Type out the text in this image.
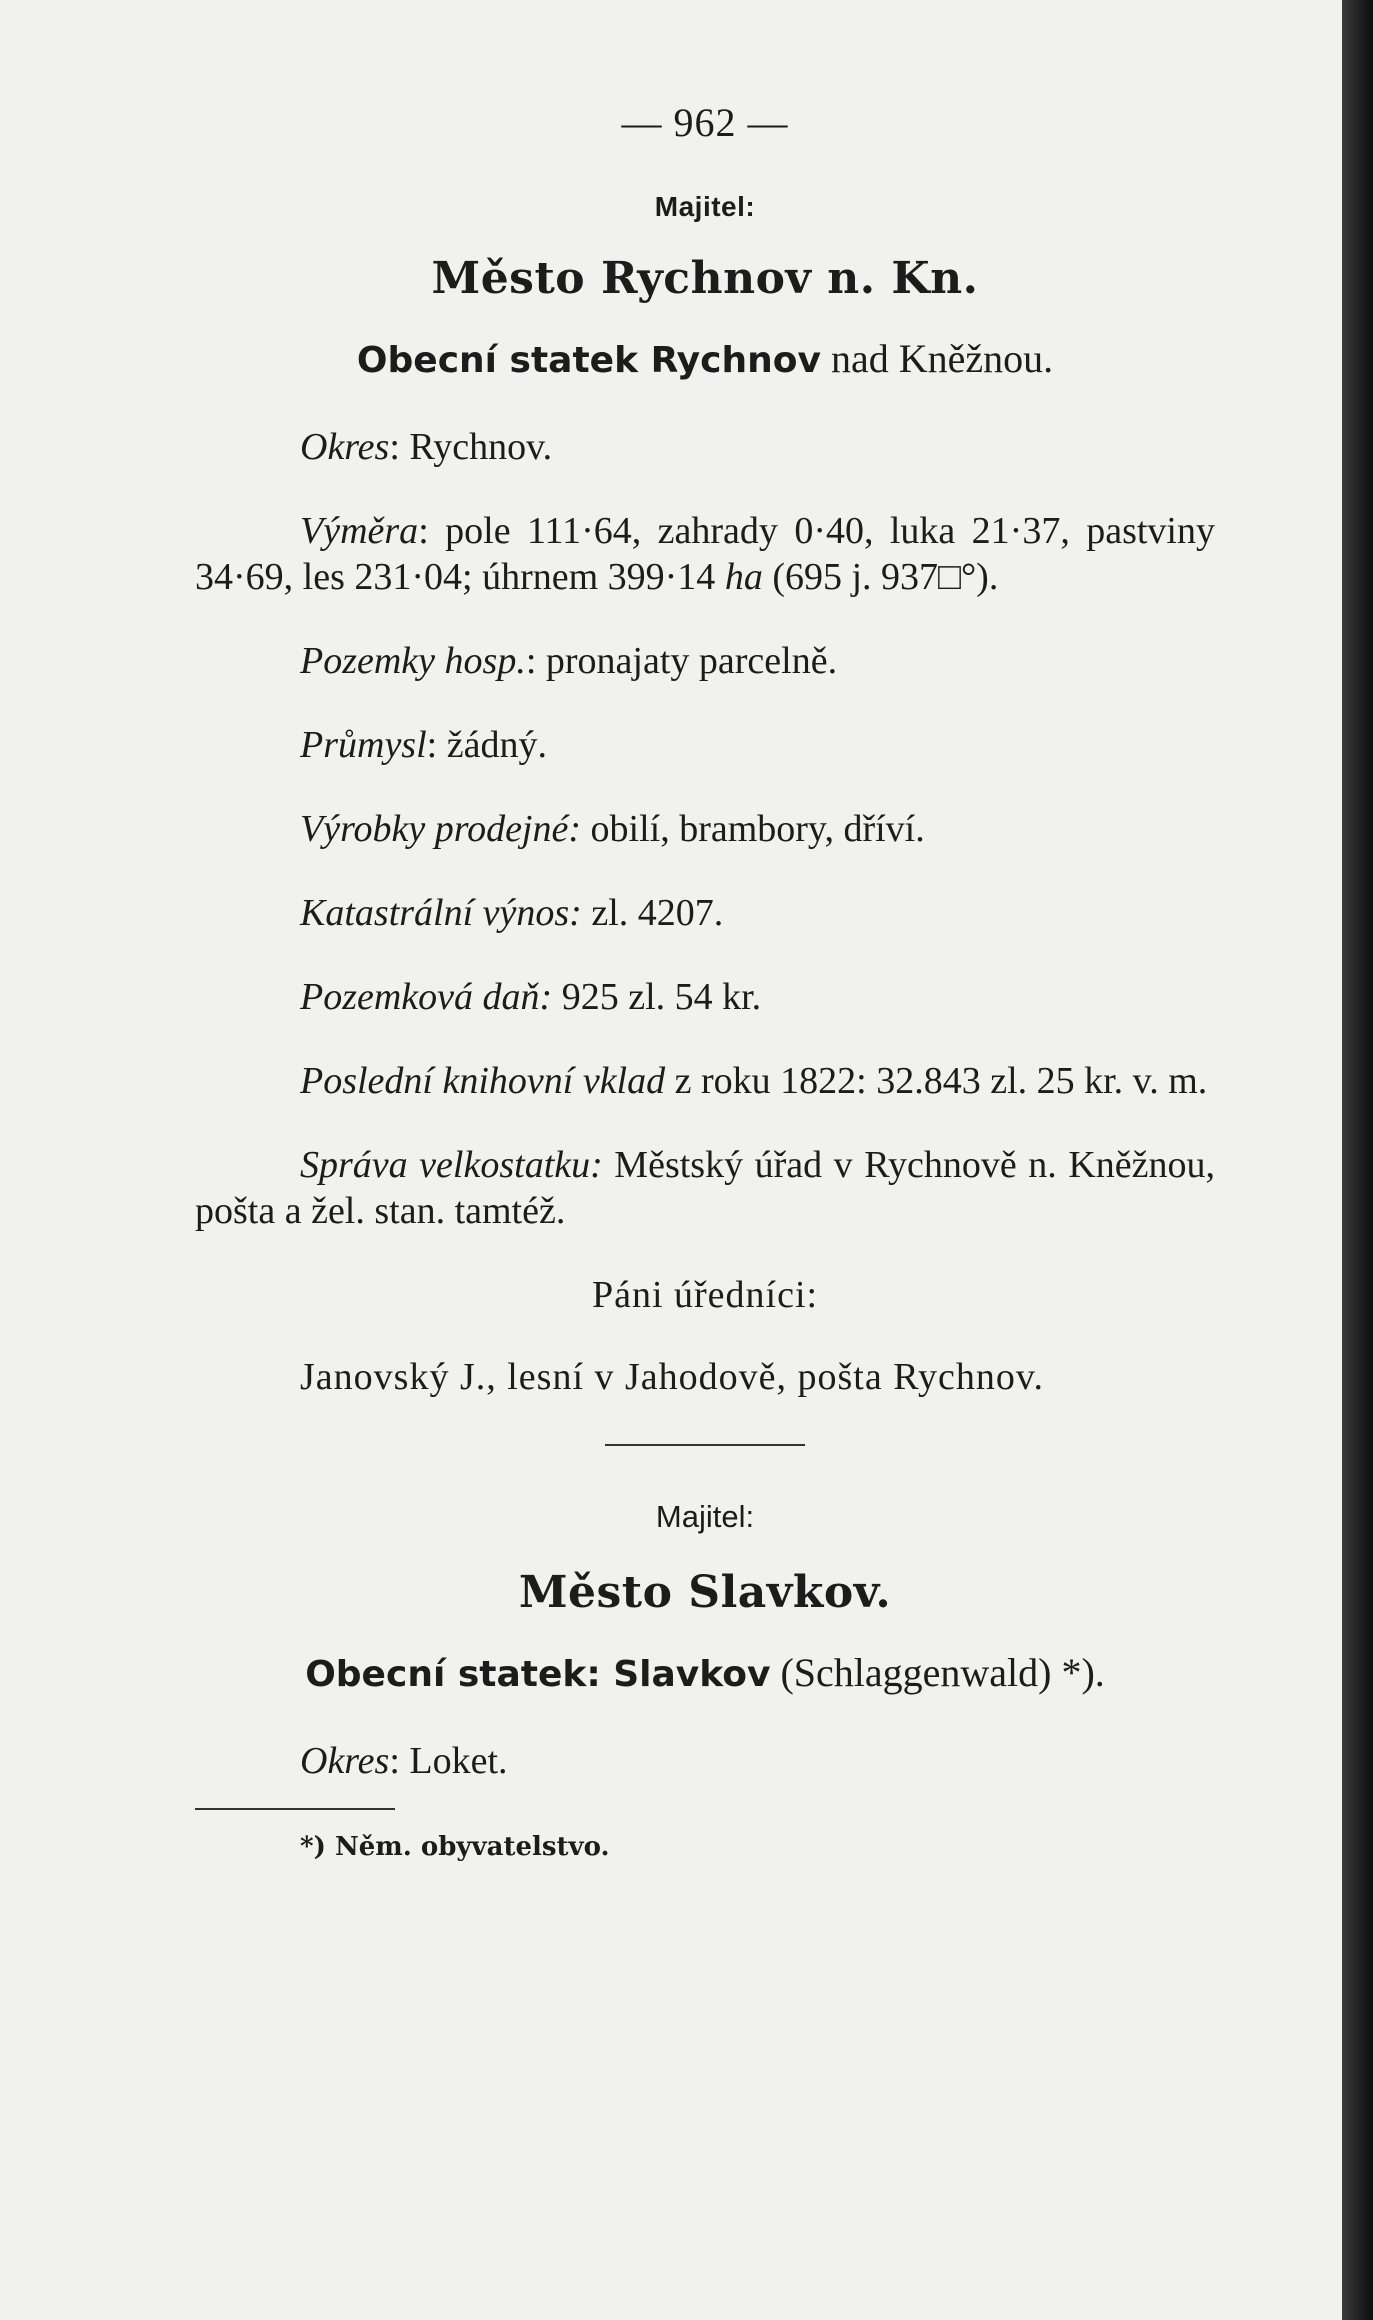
— 962 —
Majitel:
Město Rychnov n. Kn.
Obecní statek Rychnov nad Kněžnou.

Okres: Rychnov.

Výměra: pole 111·64, zahrady 0·40, luka 21·37, pastviny 34·69, les 231·04; úhrnem 399·14 ha (695 j. 937□°).

Pozemky hosp.: pronajaty parcelně.

Průmysl: žádný.

Výrobky prodejné: obilí, brambory, dříví.

Katastrální výnos: zl. 4207.

Pozemková daň: 925 zl. 54 kr.

Poslední knihovní vklad z roku 1822: 32.843 zl. 25 kr. v. m.

Správa velkostatku: Městský úřad v Rychnově n. Kněžnou, pošta a žel. stan. tamtéž.

Páni úředníci:
Janovský J., lesní v Jahodově, pošta Rychnov.
Majitel:
Město Slavkov.
Obecní statek: Slavkov (Schlaggenwald) *).

Okres: Loket.

*) Něm. obyvatelstvo.
